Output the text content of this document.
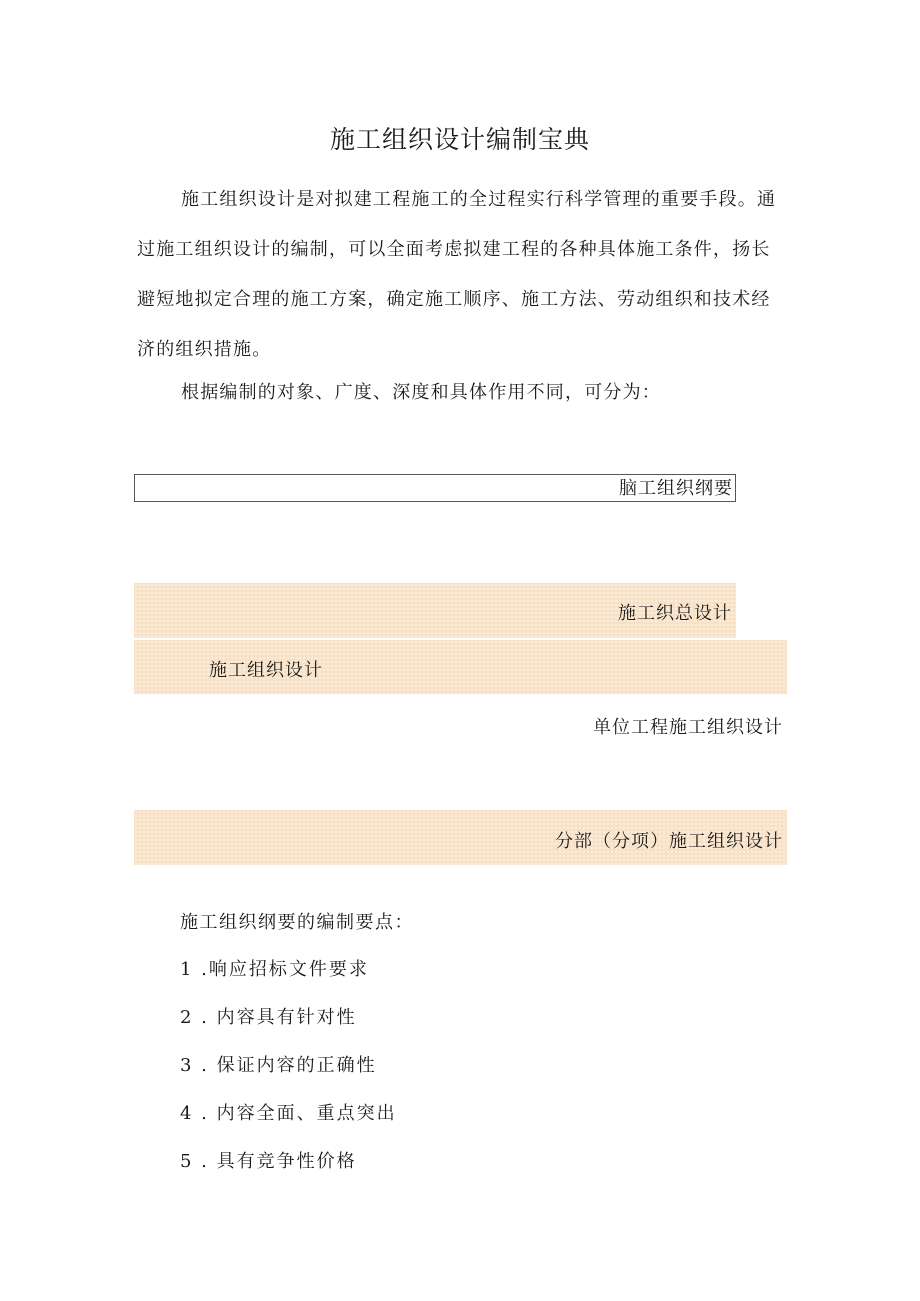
施工组织设计编制宝典

施工组织设计是对拟建工程施工的全过程实行科学管理的重要手段。通过施工组织设计的编制，可以全面考虑拟建工程的各种具体施工条件，扬长避短地拟定合理的施工方案，确定施工顺序、施工方法、劳动组织和技术经济的组织措施。

根据编制的对象、广度、深度和具体作用不同，可分为：

脑工组织纲要
施工织总设计
施工组织设计
单位工程施工组织设计
分部（分项）施工组织设计
施工组织纲要的编制要点：
1 .响应招标文件要求
2 . 内容具有针对性
3 . 保证内容的正确性
4 . 内容全面、重点突出
5 . 具有竞争性价格
